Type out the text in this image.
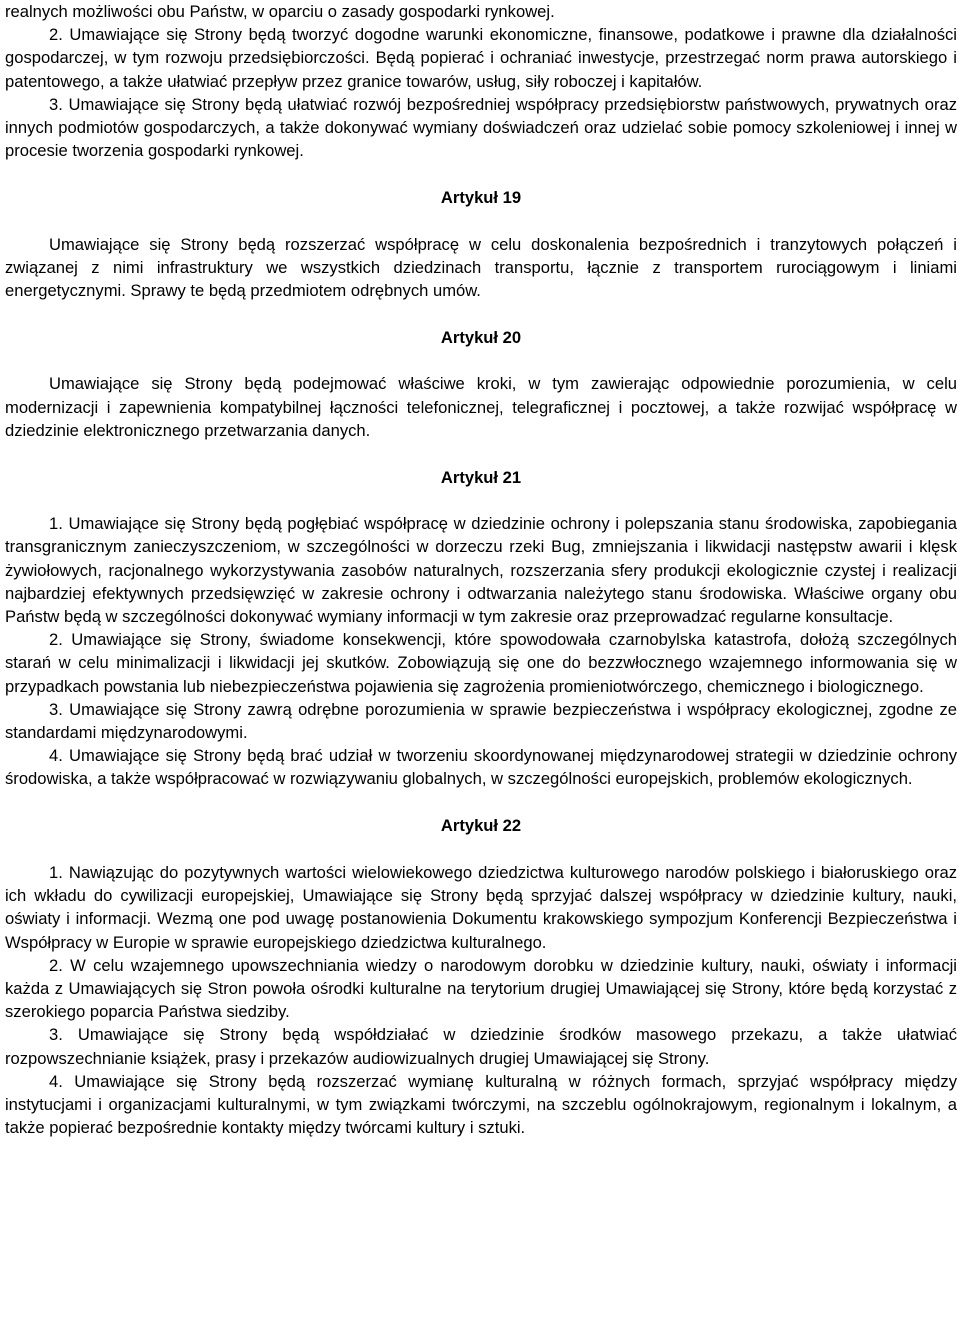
realnych możliwości obu Państw, w oparciu o zasady gospodarki rynkowej.

2. Umawiające się Strony będą tworzyć dogodne warunki ekonomiczne, finansowe, podatkowe i prawne dla działalności gospodarczej, w tym rozwoju przedsiębiorczości. Będą popierać i ochraniać inwestycje, przestrzegać norm prawa autorskiego i patentowego, a także ułatwiać przepływ przez granice towarów, usług, siły roboczej i kapitałów.

3. Umawiające się Strony będą ułatwiać rozwój bezpośredniej współpracy przedsiębiorstw państwowych, prywatnych oraz innych podmiotów gospodarczych, a także dokonywać wymiany doświadczeń oraz udzielać sobie pomocy szkoleniowej i innej w procesie tworzenia gospodarki rynkowej.

Artykuł 19

Umawiające się Strony będą rozszerzać współpracę w celu doskonalenia bezpośrednich i tranzytowych połączeń i związanej z nimi infrastruktury we wszystkich dziedzinach transportu, łącznie z transportem rurociągowym i liniami energetycznymi. Sprawy te będą przedmiotem odrębnych umów.

Artykuł 20

Umawiające się Strony będą podejmować właściwe kroki, w tym zawierając odpowiednie porozumienia, w celu modernizacji i zapewnienia kompatybilnej łączności telefonicznej, telegraficznej i pocztowej, a także rozwijać współpracę w dziedzinie elektronicznego przetwarzania danych.

Artykuł 21

1. Umawiające się Strony będą pogłębiać współpracę w dziedzinie ochrony i polepszania stanu środowiska, zapobiegania transgranicznym zanieczyszczeniom, w szczególności w dorzeczu rzeki Bug, zmniejszania i likwidacji następstw awarii i klęsk żywiołowych, racjonalnego wykorzystywania zasobów naturalnych, rozszerzania sfery produkcji ekologicznie czystej i realizacji najbardziej efektywnych przedsięwzięć w zakresie ochrony i odtwarzania należytego stanu środowiska. Właściwe organy obu Państw będą w szczególności dokonywać wymiany informacji w tym zakresie oraz przeprowadzać regularne konsultacje.

2. Umawiające się Strony, świadome konsekwencji, które spowodowała czarnobylska katastrofa, dołożą szczególnych starań w celu minimalizacji i likwidacji jej skutków. Zobowiązują się one do bezzwłocznego wzajemnego informowania się w przypadkach powstania lub niebezpieczeństwa pojawienia się zagrożenia promieniotwórczego, chemicznego i biologicznego.

3. Umawiające się Strony zawrą odrębne porozumienia w sprawie bezpieczeństwa i współpracy ekologicznej, zgodne ze standardami międzynarodowymi.

4. Umawiające się Strony będą brać udział w tworzeniu skoordynowanej międzynarodowej strategii w dziedzinie ochrony środowiska, a także współpracować w rozwiązywaniu globalnych, w szczególności europejskich, problemów ekologicznych.

Artykuł 22

1. Nawiązując do pozytywnych wartości wielowiekowego dziedzictwa kulturowego narodów polskiego i białoruskiego oraz ich wkładu do cywilizacji europejskiej, Umawiające się Strony będą sprzyjać dalszej współpracy w dziedzinie kultury, nauki, oświaty i informacji. Wezmą one pod uwagę postanowienia Dokumentu krakowskiego sympozjum Konferencji Bezpieczeństwa i Współpracy w Europie w sprawie europejskiego dziedzictwa kulturalnego.

2. W celu wzajemnego upowszechniania wiedzy o narodowym dorobku w dziedzinie kultury, nauki, oświaty i informacji każda z Umawiających się Stron powoła ośrodki kulturalne na terytorium drugiej Umawiającej się Strony, które będą korzystać z szerokiego poparcia Państwa siedziby.

3. Umawiające się Strony będą współdziałać w dziedzinie środków masowego przekazu, a także ułatwiać rozpowszechnianie książek, prasy i przekazów audiowizualnych drugiej Umawiającej się Strony.

4. Umawiające się Strony będą rozszerzać wymianę kulturalną w różnych formach, sprzyjać współpracy między instytucjami i organizacjami kulturalnymi, w tym związkami twórczymi, na szczeblu ogólnokrajowym, regionalnym i lokalnym, a także popierać bezpośrednie kontakty między twórcami kultury i sztuki.
